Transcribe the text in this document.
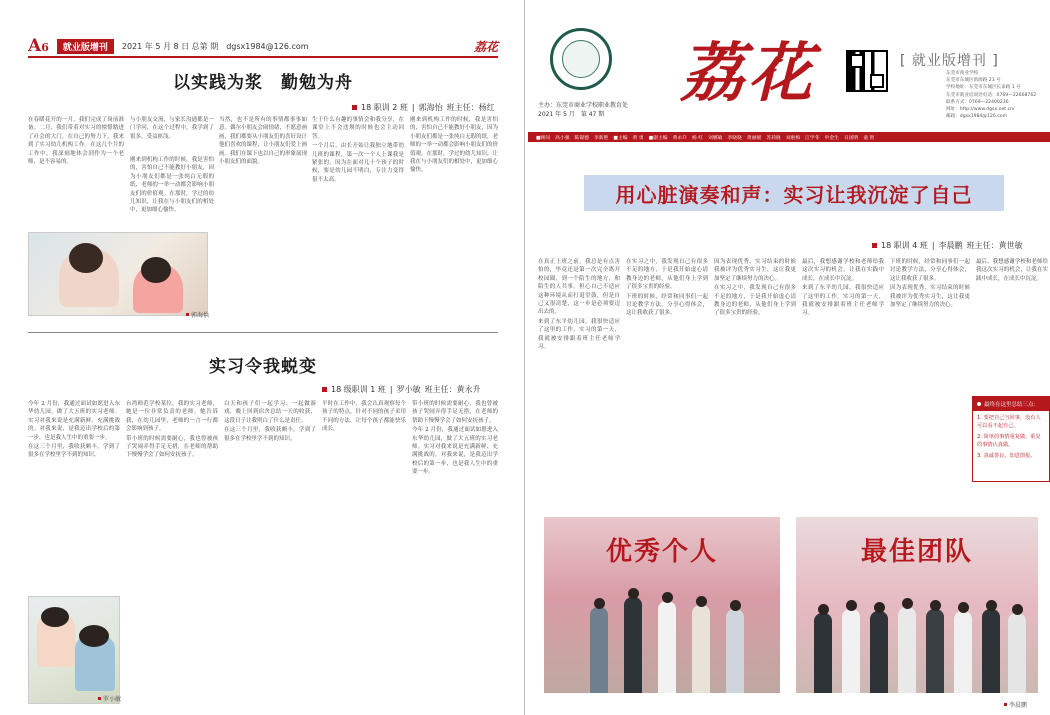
A6	就业版增刊	2021 年 5 月 8 日 总第 期 dgsx1984@126.com	荔花
以实践为浆　勤勉为舟
18 职训 2 班 | 郭海怡 班主任：杨红

在春暖花开的一月，我们完成了岗前准备。二月，我们带着对实习的憧憬踏进了社会的大门，在自己的努力下，我来到了实习幼儿机构工作。在这几个月的工作中，我深刻地体会到作为一个老师，是不容易的。

与小朋友交流，与家长沟通都是一门学问，在这个过程中，我学到了很多，受益匪浅。

刚来到机构工作的时候，我是害怕的，害怕自己不能教好小朋友，因为小朋友们都是一张纯白无瑕的纸，老师的一举一动都会影响小朋友们的价值观。在那时，学过的幼儿知识，让我在与小朋友们的相处中，更加细心愉快。

当然，也不是所有的事情都事事如意。偶尔小朋友会闹情绪，不愿意画画，我们都要从小朋友们的喜好设计他们喜欢的课程，让小朋友们爱上画画。我们在课下也以自己的形象展现小朋友们的面貌。

生于什么有趣的事情会和我分享，在课堂上不会违规的时候也会主动回答。

一个月后，由长开始让我独立地带幼儿班的课程，第一次一个人上课我是紧张的，因为在面对几十个孩子的时候，要是幼儿园不明白，专注力变得很不太高。

刚来到机构工作的时候，我是害怕的，害怕自己不能教好小朋友，因为小朋友们都是一张纯白无瑕的纸，老师的一举一动都会影响小朋友们的价值观。在那时，学过的幼儿知识，让我在与小朋友们的相处中，更加细心愉快。

郭海怡
实习令我蜕变
18 级职训 1 班 | 罗小敏 班主任：黄永升

今年 2 月份，我通过面试如愿进入东华幼儿园，做了大五班的实习老师。实习对我来说是充满新鲜、充满挑战的。对我来说，是我迈出学校后的第一步，也是我人生中的重要一步。

在这三个月里，我收获颇丰。学到了很多在学校里学不到的知识。

台湾师范学校某位，我的实习老师，她是一位非常负责的老师。她告诉我，在幼儿园里，老师的一言一行都会影响到孩子。

带小班的时候需要耐心，我也曾被孩子哭闹弄得手足无措，在老师的帮助下慢慢学会了如何安抚孩子。

白天和孩子们一起学习、一起做游戏，晚上回到宿舍总结一天的收获，这段日子让我明白了什么是责任。

在这三个月里，我收获颇丰。学到了很多在学校里学不到的知识。

平时在工作中，我会认真观察每个孩子的特点，针对不同的孩子采用不同的方法，让每个孩子都能快乐成长。

带小班的时候需要耐心，我也曾被孩子哭闹弄得手足无措，在老师的帮助下慢慢学会了如何安抚孩子。

今年 2 月份，我通过面试如愿进入东华幼儿园，做了大五班的实习老师。实习对我来说是充满新鲜、充满挑战的。对我来说，是我迈出学校后的第一步，也是我人生中的重要一步。

罗小敏
荔花
主办：东莞市商业学校职业教育处
2021 年 5 月 第 47 期
[ 就业版增刊 ]
东莞市商业学校
东莞市东城区新源路 23 号
学校地址：东莞市东城区长泰路 1 号
东莞市就业培训处电话：0769—22668762
联系方式：0769—22400236
网址：http://www.dgsx.net.cn/
邮箱：dgsx1984@126.com
■顾问 高小强 陈锦德 李新艳 ■主编 黄 勇 ■副主编 黄永升 杨 红 刘娜敏 李晓晓 黄丽媛 苏莉晓 刘惠梅 江学冬 申金生 日国明 童 智
用心脏演奏和声：实习让我沉淀了自己
18 职训 4 班 | 李晨鹏 班主任：黄世敏

在真正上班之前，我总是有点害怕的，毕竟还是第一次完全离开校园圈，到一个陌生的地方，和陌生的人共事。担心自己不适应这种环境从而打退堂鼓，但是自己又很清楚，这一步是必须要迈出去的。

来到了东平幼儿园，我很快适应了这里的工作。实习的第一天，我就被安排跟着班主任老师学习。

在实习之中，我发现自己有很多不足的地方，于是我开始虚心请教身边的老师，从他们身上学到了很多宝贵的经验。

下班的时候，经常和同事们一起讨论教学方法，分享心得体会，这让我收获了很多。

因为表现优秀，实习结束的时候我被评为优秀实习生，这让我更加坚定了继续努力的决心。

在实习之中，我发现自己有很多不足的地方，于是我开始虚心请教身边的老师，从他们身上学到了很多宝贵的经验。

最后，我想感谢学校和老师给我这次实习的机会，让我在实践中成长，在成长中沉淀。

来到了东平幼儿园，我很快适应了这里的工作。实习的第一天，我就被安排跟着班主任老师学习。

下班的时候，经常和同事们一起讨论教学方法，分享心得体会，这让我收获了很多。

因为表现优秀，实习结束的时候我被评为优秀实习生，这让我更加坚定了继续努力的决心。

最后，我想感谢学校和老师给我这次实习的机会，让我在实践中成长，在成长中沉淀。

最终在这里总结三点：
1. 要把自己当回事，没有人可以看不起自己。
2. 简单的事情重复做，重复的事情认真做。
3. 真诚善良，知恩图报。
优秀个人	最佳团队
李晨鹏
